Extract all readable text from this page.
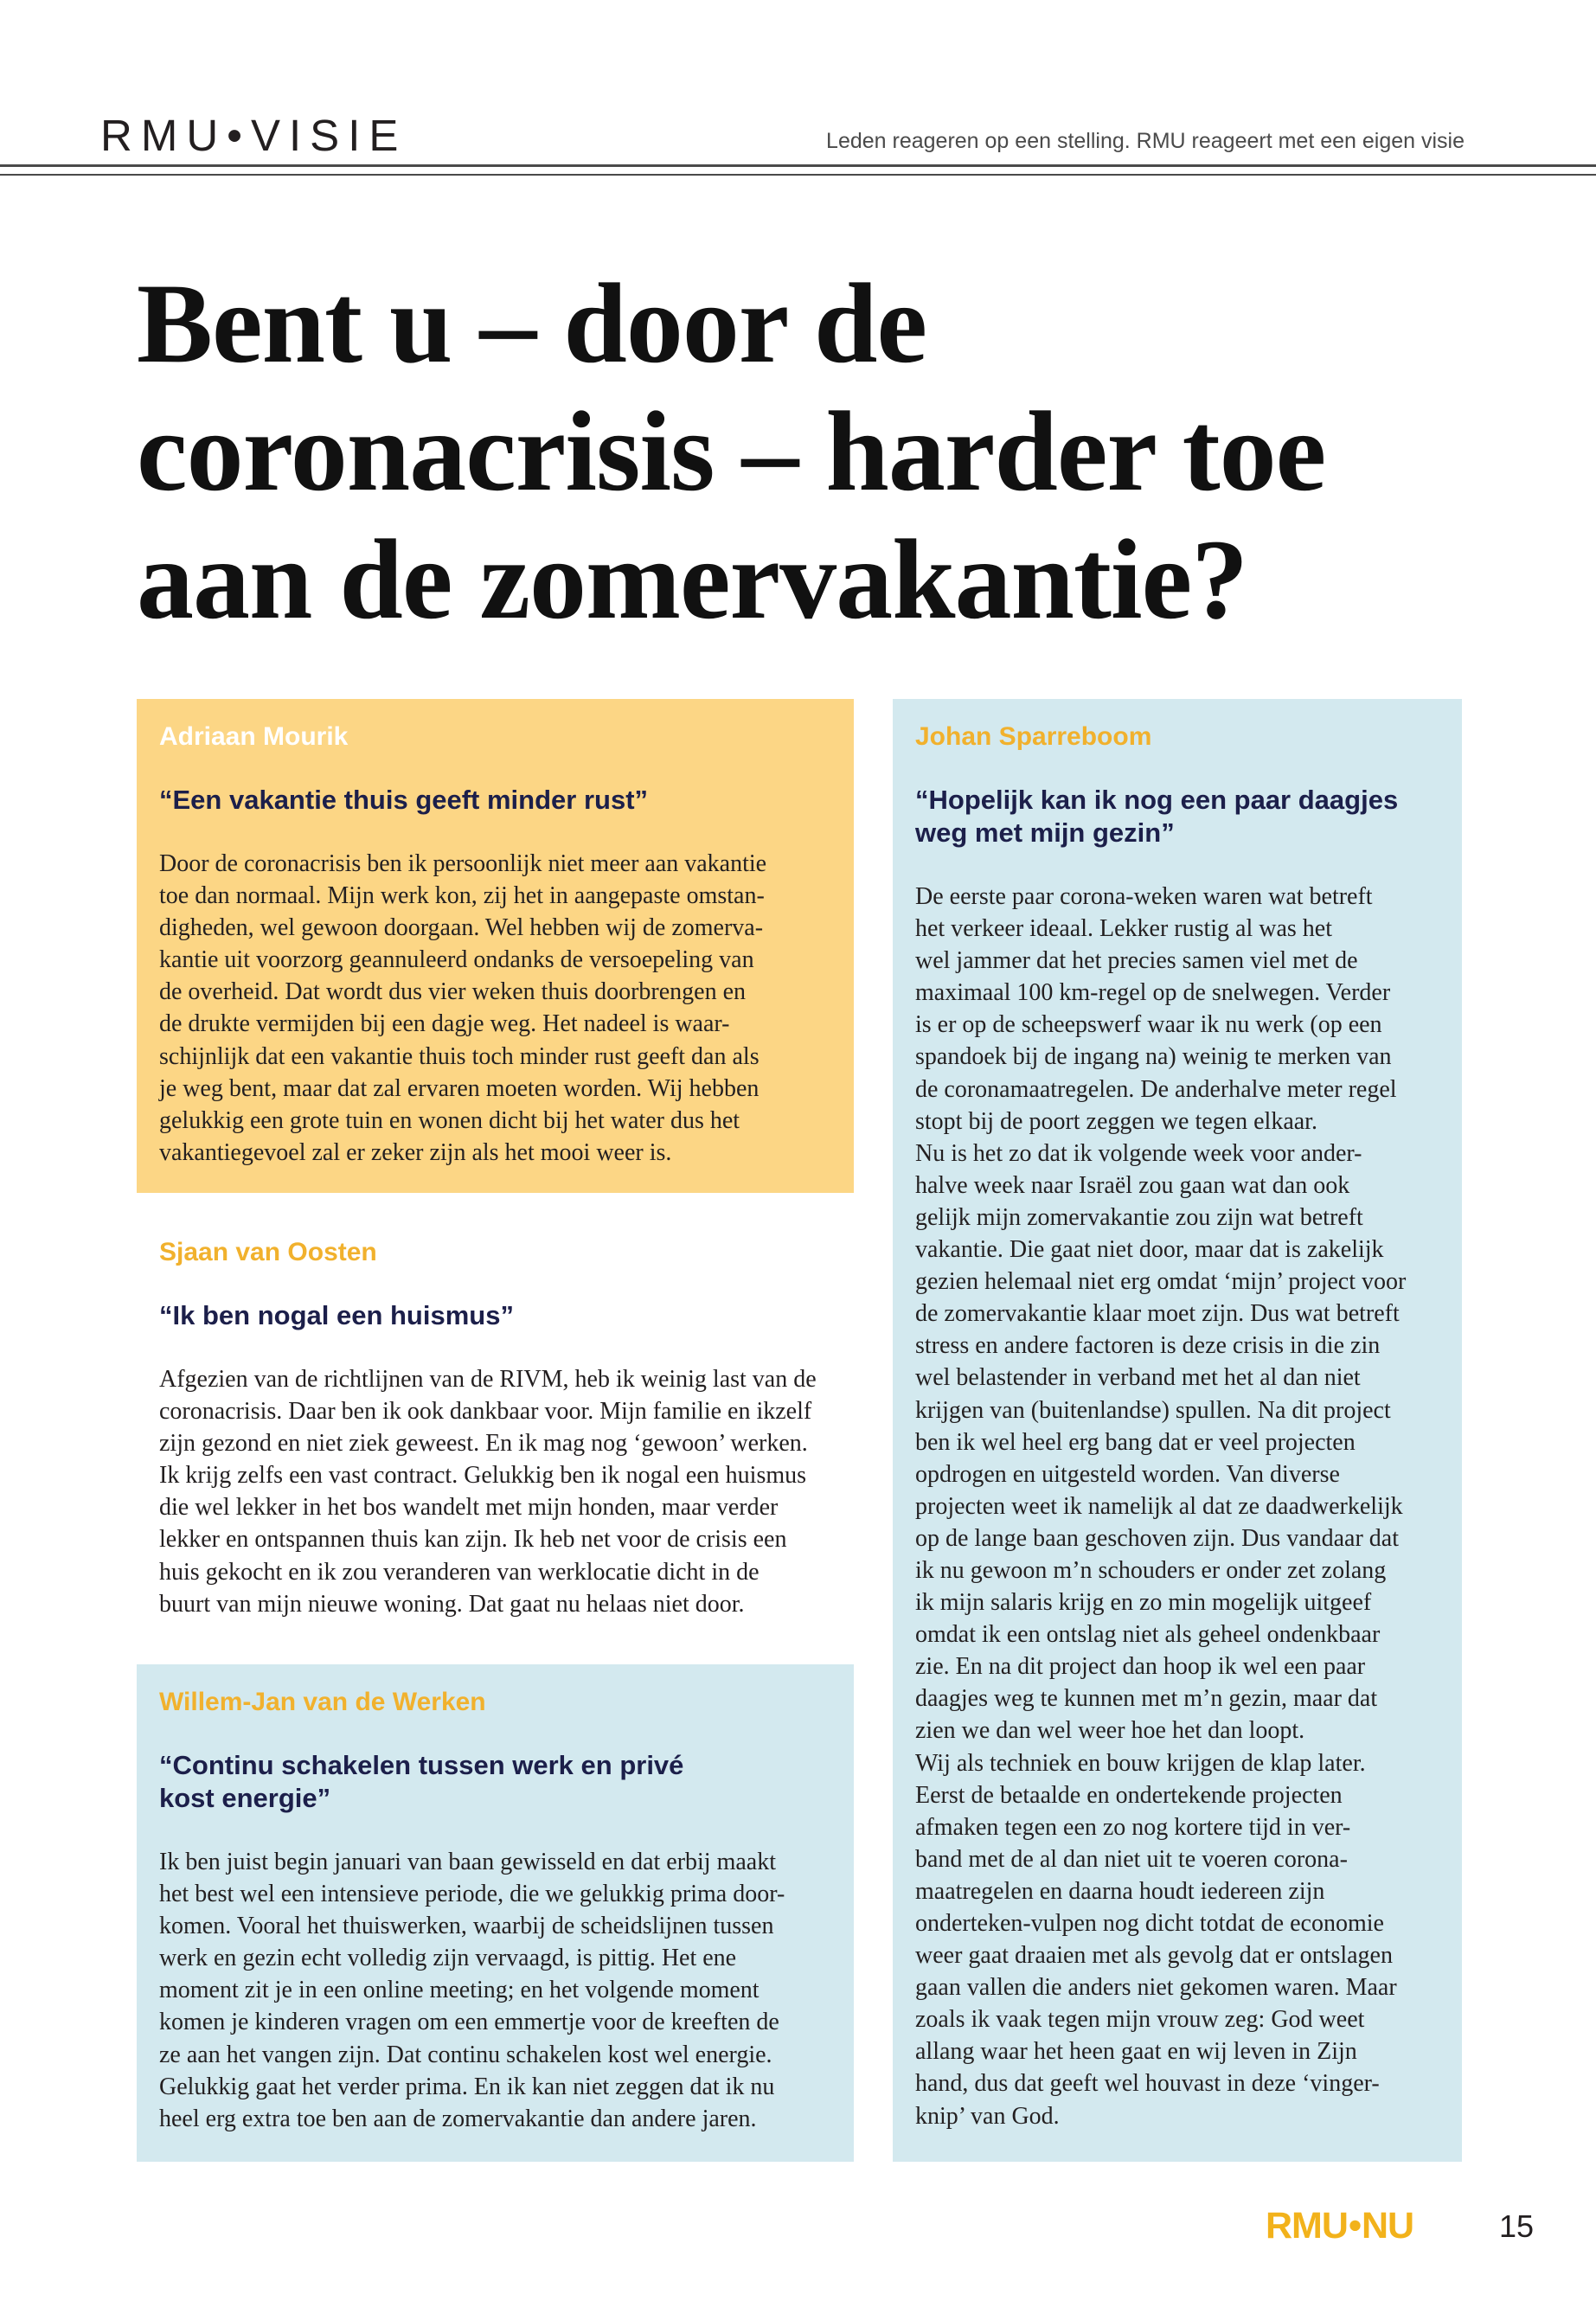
RMU•VISIE	Leden reageren op een stelling. RMU reageert met een eigen visie
Bent u – door de coronacrisis – harder toe aan de zomervakantie?

Adriaan Mourik

“Een vakantie thuis geeft minder rust”

Door de coronacrisis ben ik persoonlijk niet meer aan vakantie
toe dan normaal. Mijn werk kon, zij het in aangepaste omstan-
digheden, wel gewoon doorgaan. Wel hebben wij de zomerva-
kantie uit voorzorg geannuleerd ondanks de versoepeling van
de overheid. Dat wordt dus vier weken thuis doorbrengen en
de drukte vermijden bij een dagje weg. Het nadeel is waar-
schijnlijk dat een vakantie thuis toch minder rust geeft dan als
je weg bent, maar dat zal ervaren moeten worden. Wij hebben
gelukkig een grote tuin en wonen dicht bij het water dus het
vakantiegevoel zal er zeker zijn als het mooi weer is.

Sjaan van Oosten

“Ik ben nogal een huismus”

Afgezien van de richtlijnen van de RIVM, heb ik weinig last van de
coronacrisis. Daar ben ik ook dankbaar voor. Mijn familie en ikzelf
zijn gezond en niet ziek geweest. En ik mag nog ‘gewoon’ werken.
Ik krijg zelfs een vast contract. Gelukkig ben ik nogal een huismus
die wel lekker in het bos wandelt met mijn honden, maar verder
lekker en ontspannen thuis kan zijn. Ik heb net voor de crisis een
huis gekocht en ik zou veranderen van werklocatie dicht in de
buurt van mijn nieuwe woning. Dat gaat nu helaas niet door.

Willem-Jan van de Werken

“Continu schakelen tussen werk en privé
kost energie”

Ik ben juist begin januari van baan gewisseld en dat erbij maakt
het best wel een intensieve periode, die we gelukkig prima door-
komen. Vooral het thuiswerken, waarbij de scheidslijnen tussen
werk en gezin echt volledig zijn vervaagd, is pittig. Het ene
moment zit je in een online meeting; en het volgende moment
komen je kinderen vragen om een emmertje voor de kreeften de
ze aan het vangen zijn. Dat continu schakelen kost wel energie.
Gelukkig gaat het verder prima. En ik kan niet zeggen dat ik nu
heel erg extra toe ben aan de zomervakantie dan andere jaren.

Johan Sparreboom

“Hopelijk kan ik nog een paar daagjes
weg met mijn gezin”

De eerste paar corona-weken waren wat betreft
het verkeer ideaal. Lekker rustig al was het
wel jammer dat het precies samen viel met de
maximaal 100 km-regel op de snelwegen. Verder
is er op de scheepswerf waar ik nu werk (op een
spandoek bij de ingang na) weinig te merken van
de coronamaatregelen. De anderhalve meter regel
stopt bij de poort zeggen we tegen elkaar.
Nu is het zo dat ik volgende week voor ander-
halve week naar Israël zou gaan wat dan ook
gelijk mijn zomervakantie zou zijn wat betreft
vakantie. Die gaat niet door, maar dat is zakelijk
gezien helemaal niet erg omdat ‘mijn’ project voor
de zomervakantie klaar moet zijn. Dus wat betreft
stress en andere factoren is deze crisis in die zin
wel belastender in verband met het al dan niet
krijgen van (buitenlandse) spullen. Na dit project
ben ik wel heel erg bang dat er veel projecten
opdrogen en uitgesteld worden. Van diverse
projecten weet ik namelijk al dat ze daadwerkelijk
op de lange baan geschoven zijn. Dus vandaar dat
ik nu gewoon m’n schouders er onder zet zolang
ik mijn salaris krijg en zo min mogelijk uitgeef
omdat ik een ontslag niet als geheel ondenkbaar
zie. En na dit project dan hoop ik wel een paar
daagjes weg te kunnen met m’n gezin, maar dat
zien we dan wel weer hoe het dan loopt.
Wij als techniek en bouw krijgen de klap later.
Eerst de betaalde en ondertekende projecten
afmaken tegen een zo nog kortere tijd in ver-
band met de al dan niet uit te voeren corona-
maatregelen en daarna houdt iedereen zijn
onderteken-vulpen nog dicht totdat de economie
weer gaat draaien met als gevolg dat er ontslagen
gaan vallen die anders niet gekomen waren. Maar
zoals ik vaak tegen mijn vrouw zeg: God weet
allang waar het heen gaat en wij leven in Zijn
hand, dus dat geeft wel houvast in deze ‘vinger-
knip’ van God.

RMU•NU	15
